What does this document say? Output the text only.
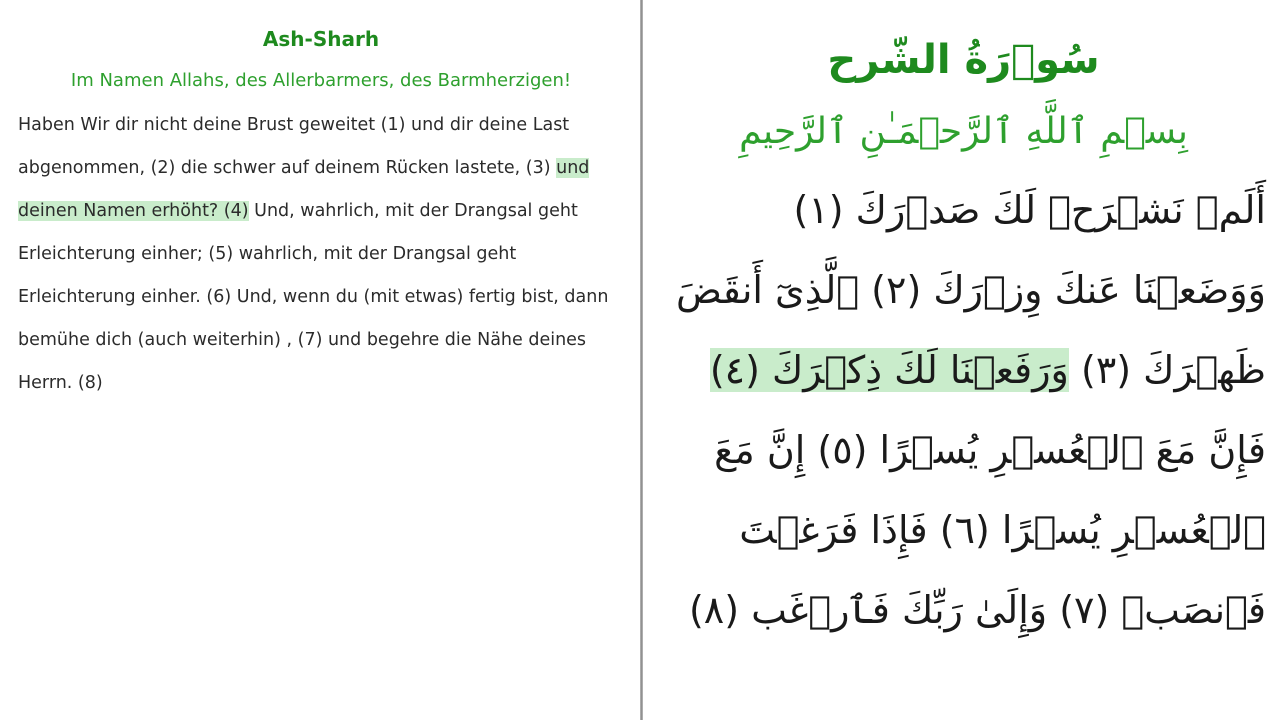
Ash-Sharh
Im Namen Allahs, des Allerbarmers, des Barmherzigen!
Haben Wir dir nicht deine Brust geweitet (1) und dir deine Last abgenommen, (2) die schwer auf deinem Rücken lastete, (3) und deinen Namen erhöht? (4) Und, wahrlich, mit der Drangsal geht Erleichterung einher; (5) wahrlich, mit der Drangsal geht Erleichterung einher. (6) Und, wenn du (mit etwas) fertig bist, dann bemühe dich (auch weiterhin) , (7) und begehre die Nähe deines Herrn. (8)
سُوۡرَةُ الشّرح
بِسۡمِ ٱللَّهِ ٱلرَّحۡمَـٰنِ ٱلرَّحِيمِ
أَلَمۡ نَشۡرَحۡ لَكَ صَدۡرَكَ (١) وَوَضَعۡنَا عَنكَ وِزۡرَكَ (٢) ٱلَّذِىٓ أَنقَضَ ظَهۡرَكَ (٣) وَرَفَعۡنَا لَكَ ذِكۡرَكَ (٤) فَإِنَّ مَعَ ٱلۡعُسۡرِ يُسۡرًا (٥) إِنَّ مَعَ ٱلۡعُسۡرِ يُسۡرًا (٦) فَإِذَا فَرَغۡتَ فَٱنصَبۡ (٧) وَإِلَىٰ رَبِّكَ فَٱرۡغَب (٨)
